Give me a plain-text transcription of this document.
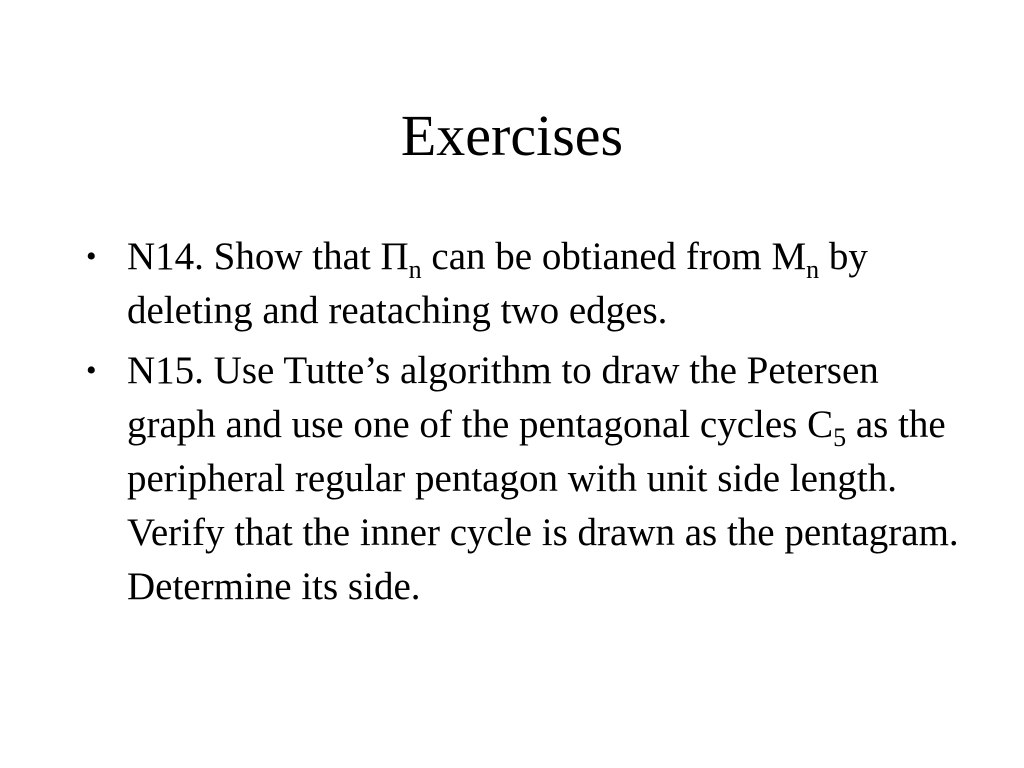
Exercises
• N14. Show that $\Pi_n$ can be obtianed from $M_n$ by deleting and reataching two edges.
• N15. Use Tutte’s algorithm to draw the Petersen graph and use one of the pentagonal cycles $C_5$ as the peripheral regular pentagon with unit side length. Verify that the inner cycle is drawn as the pentagram. Determine its side.
